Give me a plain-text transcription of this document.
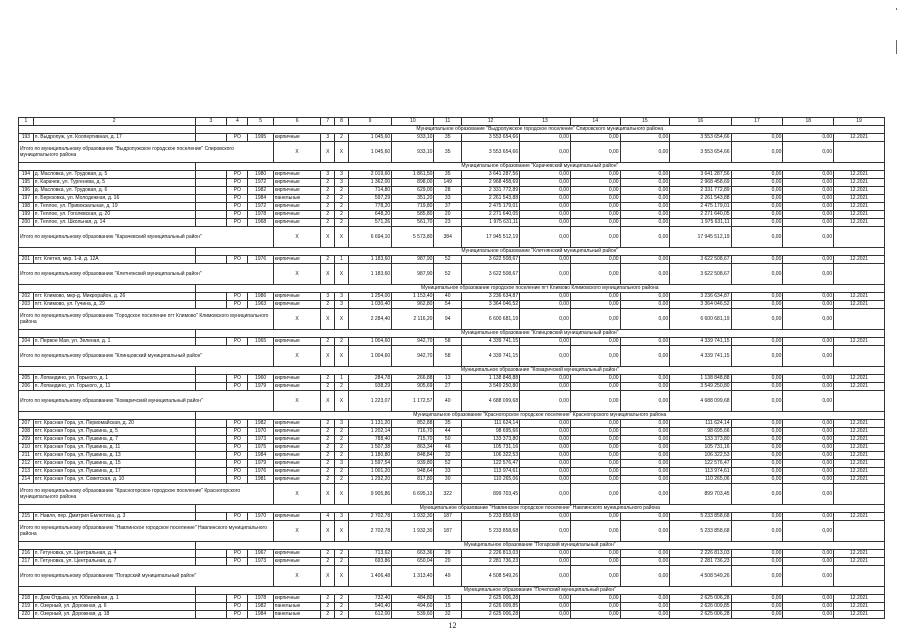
1	2	3	4	5	6	7	8	9	10	11	12	13	14	15	16	17	18	19
		Муниципальное образование "Выдропужское городское поселение" Спировского муниципального района																
193	п. Выдропуж, ул. Коопертивная, д. 17		РО	1995	кирпичные	3	2	1 045,60	933,10	35	3 553 654,66	0,00	0,00	0,00	3 553 654,66	0,00	0,00	12.2021
Итого по муниципальному образованию "Выдропужское городское поселение" Спировского муниципального района					X	X	X	1 045,60	933,10	35	3 553 654,66	0,00	0,00	0,00	3 553 654,66	0,00	0,00	
		Муниципальное образование "Карачевский муниципальный район"																
194	д. Масловка, ул. Трудовая, д. 5		РО	1980	кирпичные	3	3	2 019,60	1 861,50	35	3 641 287,56	0,00	0,00	0,00	3 641 287,56	0,00	0,00	12.2021
195	п. Карачев, ул. Тургенева, д. 5		РО	1972	кирпичные	2	3	1 362,00	898,00	149	2 968 458,69	0,00	0,00	0,00	2 968 458,69	0,00	0,00	12.2021
196	д. Масловка, ул. Трудовая, д. 6		РО	1982	кирпичные	2	2	714,80	629,00	28	2 331 772,89	0,00	0,00	0,00	2 331 772,89	0,00	0,00	12.2021
197	п. Березовка, ул. Молодежная, д. 16		РО	1984	панельные	2	2	597,29	351,20	33	2 261 543,88	0,00	0,00	0,00	2 261 543,88	0,00	0,00	12.2021
198	п. Теплое, ул. Привокзальная, д. 19		РО	1972	кирпичные	2	2	778,20	719,80	37	2 475 179,01	0,00	0,00	0,00	2 475 179,01	0,00	0,00	12.2021
199	п. Теплое, ул. Гоголевская, д. 20		РО	1978	кирпичные	2	2	648,20	585,80	20	2 271 640,05	0,00	0,00	0,00	2 271 640,05	0,00	0,00	12.2021
200	п. Теплое, ул. Школьная, д. 14		РО	1968	кирпичные	2	2	571,26	561,70	23	1 975 631,11	0,00	0,00	0,00	1 975 631,11	0,00	0,00	12.2021
Итого по муниципальному образованию "Карачевский муниципальный район"					X	X	X	6 694,10	5 573,80	384	17 945 512,19	0,00	0,00	0,00	17 945 512,19	0,00	0,00	
		Муниципальное образование "Клетнянский муниципальный район"																
201	пгт. Клетня, мкр. 1-й, д. 12А		РО	1976	кирпичные	2	1	1 183,60	987,90	52	3 622 508,67	0,00	0,00	0,00	3 622 508,67	0,00	0,00	12.2021
Итого по муниципальному образованию "Клетнянский муниципальный район"					X	X	X	1 183,60	987,90	52	3 622 508,67	0,00	0,00	0,00	3 622 508,67	0,00	0,00	
		Муниципальное образование городское поселение пгт Климово Климовского муниципального района																
202	пгт. Климово, мкр-д. Микрорайон, д. 26		РО	1986	кирпичные	3	3	1 254,00	1 153,40	40	3 236 634,87	0,00	0,00	0,00	3 236 634,87	0,00	0,00	12.2021
203	пгт. Климово, ул. Гучина, д. 29		РО	1963	кирпичные	2	3	1 030,40	962,80	54	3 364 046,52	0,00	0,00	0,00	3 364 046,52	0,00	0,00	12.2021
Итого по муниципальному образованию "Городское поселение пгт Климово" Климовского муниципального района					X	X	X	2 284,40	2 116,20	94	6 600 681,19	0,00	0,00	0,00	6 600 681,19	0,00	0,00	
		Муниципальное образование "Клинцовский муниципальный район"																
204	п. Первое Мая, ул. Зеленая, д. 1		РО	1965	кирпичные	2	2	1 004,60	942,70	58	4 339 741,15	0,00	0,00	0,00	4 339 741,15	0,00	0,00	12.2021
Итого по муниципальному образованию "Клинцовский муниципальный район"					X	X	X	1 004,60	942,70	58	4 339 741,15	0,00	0,00	0,00	4 339 741,15	0,00	0,00	
		Муниципальное образование "Комаричский муниципальный район"																
205	п. Лопандино, ул. Горького, д. 1		РО	1960	кирпичные	2	1	284,78	266,88	13	1 138 848,88	0,00	0,00	0,00	1 138 848,88	0,00	0,00	12.2021
206	п. Лопандино, ул. Горького, д. 11		РО	1979	кирпичные	2	2	938,29	905,69	27	3 549 250,80	0,00	0,00	0,00	3 549 250,80	0,00	0,00	12.2021
Итого по муниципальному образованию "Комаричский муниципальный район"					X	X	X	1 223,07	1 172,57	40	4 688 099,68	0,00	0,00	0,00	4 688 099,68	0,00	0,00	
		Муниципальное образование "Красногорское городское поселение" Красногорского муниципального района																
207	пгт. Красная Гора, ул. Первомайская, д. 20		РО	1982	кирпичные	2	3	1 131,20	852,88	35	111 624,14	0,00	0,00	0,00	111 624,14	0,00	0,00	12.2021
208	пгт. Красная Гора, ул. Пушкина, д. 5		РО	1970	кирпичные	2	2	1 202,14	716,70	44	98 695,66	0,00	0,00	0,00	98 695,66	0,00	0,00	12.2021
209	пгт. Красная Гора, ул. Пушкина, д. 7		РО	1973	кирпичные	2	2	788,40	715,70	50	133 373,80	0,00	0,00	0,00	133 373,80	0,00	0,00	12.2021
210	пгт. Красная Гора, ул. Пушкина, д. 11		РО	1975	кирпичные	2	2	1 507,38	863,34	46	105 731,16	0,00	0,00	0,00	105 731,16	0,00	0,00	12.2021
211	пгт. Красная Гора, ул. Пушкина, д. 13		РО	1984	кирпичные	2	2	1 180,80	848,84	32	106 322,53	0,00	0,00	0,00	106 322,53	0,00	0,00	12.2021
212	пгт. Красная Гора, ул. Пушкина, д. 15		РО	1979	кирпичные	2	3	1 597,54	939,80	52	122 576,47	0,00	0,00	0,00	122 576,47	0,00	0,00	12.2021
213	пгт. Красная Гора, ул. Пушкина, д. 17		РО	1976	кирпичные	2	2	1 001,20	948,64	33	113 974,61	0,00	0,00	0,00	113 974,61	0,00	0,00	12.2021
214	пгт. Красная Гора, ул. Советская, д. 10		РО	1981	кирпичные	2	2	1 292,20	817,80	30	110 265,06	0,00	0,00	0,00	110 265,06	0,00	0,00	12.2021
Итого по муниципальному образованию "Красногорское городское поселение" Красногорского муниципального района					X	X	X	9 905,86	6 695,13	322	899 703,45	0,00	0,00	0,00	899 703,45	0,00	0,00	
		Муниципальное образование "Навлинское городское поселение" Навлинского муниципального района																
215	п. Навля, пер. Дмитрия Емлютина, д. 3		РО	1970	кирпичные	4	3	2 702,78	1 932,30	187	5 233 858,68	0,00	0,00	0,00	5 233 858,68	0,00	0,00	12.2021
Итого по муниципальному образованию "Навлинское городское поселение" Навлинского муниципального района					X	X	X	2 702,78	1 932,30	187	5 233 858,68	0,00	0,00	0,00	5 233 858,68	0,00	0,00	
		Муниципальное образование "Погарский муниципальный район"																
216	п. Гетуновка, ул. Центральная, д. 4		РО	1967	кирпичные	2	2	713,62	663,36	29	2 226 813,03	0,00	0,00	0,00	2 226 813,03	0,00	0,00	12.2021
217	п. Гетуновка, ул. Центральная, д. 7		РО	1973	кирпичные	2	2	693,86	650,04	20	2 281 736,23	0,00	0,00	0,00	2 281 736,23	0,00	0,00	12.2021
Итого по муниципальному образованию "Погарский муниципальный район"					X	X	X	1 406,48	1 313,40	49	4 508 549,26	0,00	0,00	0,00	4 508 549,26	0,00	0,00	
		Муниципальное образование "Почепский муниципальный район"																
218	п. Дом Отдыха, ул. Юбилейная, д. 1		РО	1978	кирпичные	2	2	732,40	484,80	15	2 625 006,28	0,00	0,00	0,00	2 625 006,28	0,00	0,00	12.2021
219	п. Озерный, ул. Дорожная, д. 6		РО	1982	панельные	2	2	540,40	494,60	15	2 626 009,85	0,00	0,00	0,00	2 626 009,85	0,00	0,00	12.2021
220	п. Озерный, ул. Дорожная, д. 18		РО	1984	панельные	2	2	612,00	539,60	32	2 625 006,28	0,00	0,00	0,00	2 625 006,28	0,00	0,00	12.2021
12
